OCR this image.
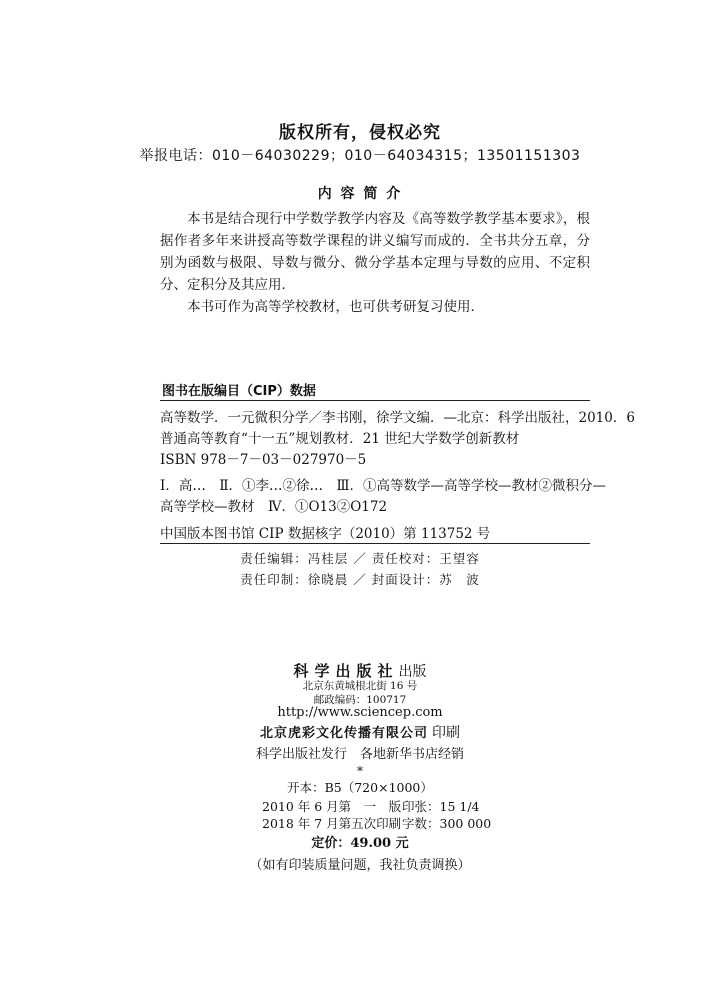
版权所有，侵权必究
举报电话：010－64030229；010－64034315；13501151303
内 容 简 介
本书是结合现行中学数学教学内容及《高等数学教学基本要求》，根据作者多年来讲授高等数学课程的讲义编写而成的．全书共分五章，分别为函数与极限、导数与微分、微分学基本定理与导数的应用、不定积分、定积分及其应用．
本书可作为高等学校教材，也可供考研复习使用．
图书在版编目（CIP）数据
高等数学．一元微积分学／李书刚，徐学文编．—北京：科学出版社，2010．6
普通高等教育“十一五”规划教材．21 世纪大学数学创新教材
ISBN 978－7－03－027970－5
Ⅰ．高…　Ⅱ．①李…②徐…　Ⅲ．①高等数学—高等学校—教材②微积分—
高等学校—教材　Ⅳ．①O13②O172
中国版本图书馆 CIP 数据核字（2010）第 113752 号
责任编辑：冯桂层 ／ 责任校对：王望容
责任印制：徐晓晨 ／ 封面设计：苏　波
科学出版社出版
北京东黄城根北街 16 号
邮政编码：100717
http://www.sciencep.com
北京虎彩文化传播有限公司 印刷
科学出版社发行　各地新华书店经销
*
开本：B5（720×1000）
2010 年 6 月第　一　版印张：15 1/4
2018 年 7 月第五次印刷字数：300 000
定价：49.00 元
（如有印装质量问题，我社负责调换）
